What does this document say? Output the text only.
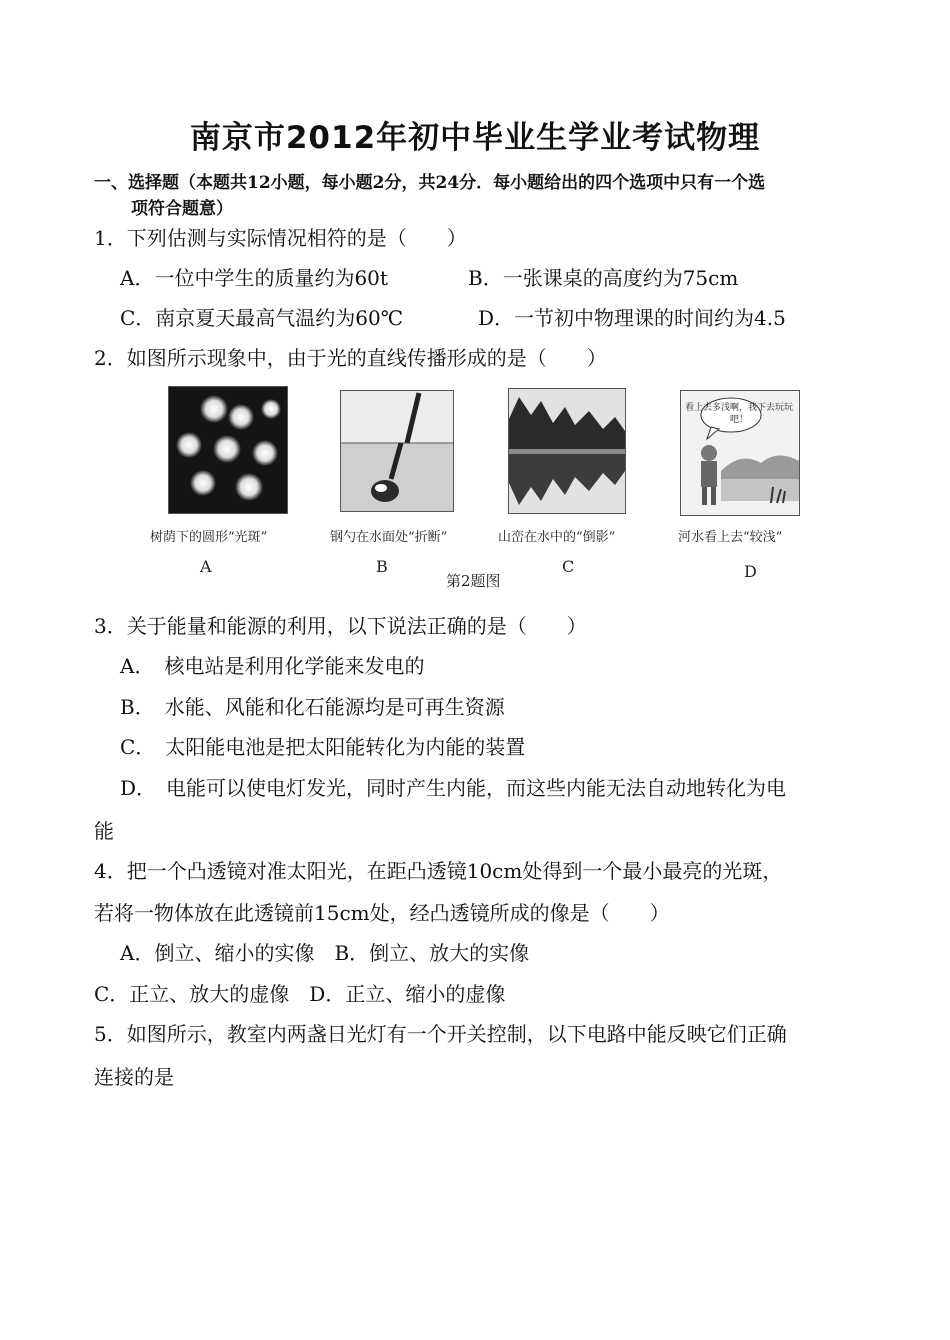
南京市2012年初中毕业生学业考试物理
一、选择题（本题共12小题，每小题2分，共24分．每小题给出的四个选项中只有一个选
项符合题意）
1．下列估测与实际情况相符的是（　　）
A．一位中学生的质量约为60t	B．一张课桌的高度约为75cm
C．南京夏天最高气温约为60℃	D．一节初中物理课的时间约为4.5
2．如图所示现象中，由于光的直线传播形成的是（　　）
看上去多浅啊，我下去玩玩吧！
树荫下的圆形“光斑”	钢勺在水面处“折断”	山峦在水中的“倒影”	河水看上去“较浅”
A	B	C	D
第2题图
3．关于能量和能源的利用，以下说法正确的是（　　）
A．　核电站是利用化学能来发电的
B．　水能、风能和化石能源均是可再生资源
C．　太阳能电池是把太阳能转化为内能的装置
D．　电能可以使电灯发光，同时产生内能，而这些内能无法自动地转化为电
能
4．把一个凸透镜对准太阳光，在距凸透镜10cm处得到一个最小最亮的光斑，
若将一物体放在此透镜前15cm处，经凸透镜所成的像是（　　）
A．倒立、缩小的实像　B．倒立、放大的实像
C．正立、放大的虚像　D．正立、缩小的虚像
5．如图所示，教室内两盏日光灯有一个开关控制，以下电路中能反映它们正确
连接的是
